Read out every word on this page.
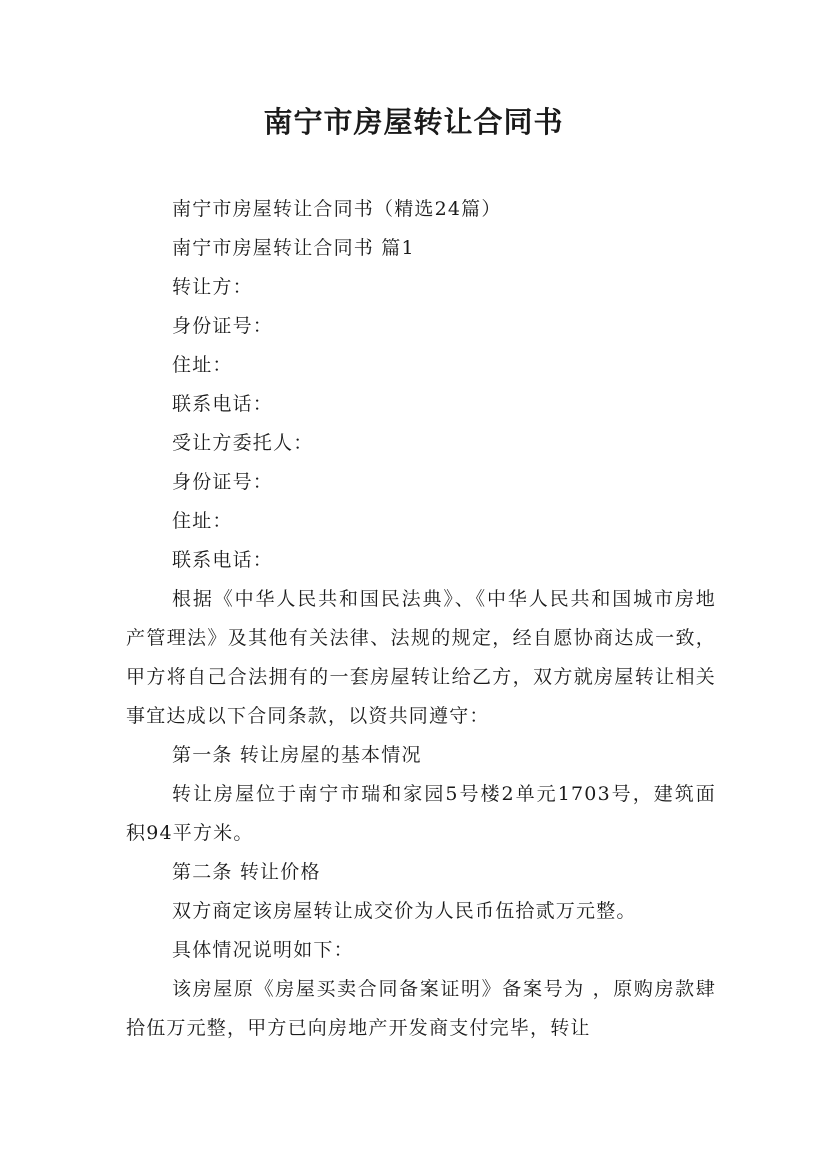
南宁市房屋转让合同书

南宁市房屋转让合同书（精选24篇）

南宁市房屋转让合同书 篇1

转让方：

身份证号：

住址：

联系电话：

受让方委托人：

身份证号：

住址：

联系电话：

根据《中华人民共和国民法典》、《中华人民共和国城市房地产管理法》及其他有关法律、法规的规定，经自愿协商达成一致，甲方将自己合法拥有的一套房屋转让给乙方，双方就房屋转让相关事宜达成以下合同条款，以资共同遵守：

第一条 转让房屋的基本情况

转让房屋位于南宁市瑞和家园5号楼2单元1703号，建筑面积94平方米。

第二条 转让价格

双方商定该房屋转让成交价为人民币伍拾贰万元整。

具体情况说明如下：

该房屋原《房屋买卖合同备案证明》备案号为 ，原购房款肆拾伍万元整，甲方已向房地产开发商支付完毕，转让
